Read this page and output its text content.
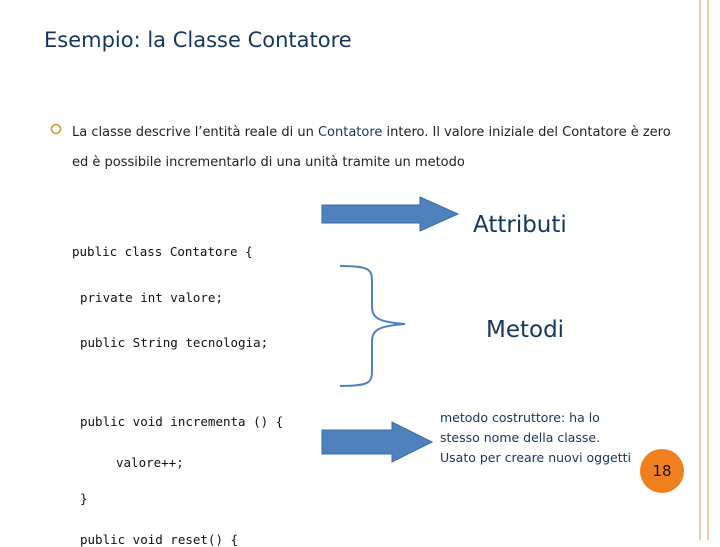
Esempio: la Classe Contatore
La classe descrive l’entità reale di un Contatore intero. Il valore iniziale del Contatore è zero
ed è possibile incrementarlo di una unità tramite un metodo
public class Contatore {
private int valore;
public String tecnologia;
public void incrementa () {
valore++;
}
public void reset() {
Attributi
Metodi
metodo costruttore: ha lo
stesso nome della classe.
Usato per creare nuovi oggetti
18
